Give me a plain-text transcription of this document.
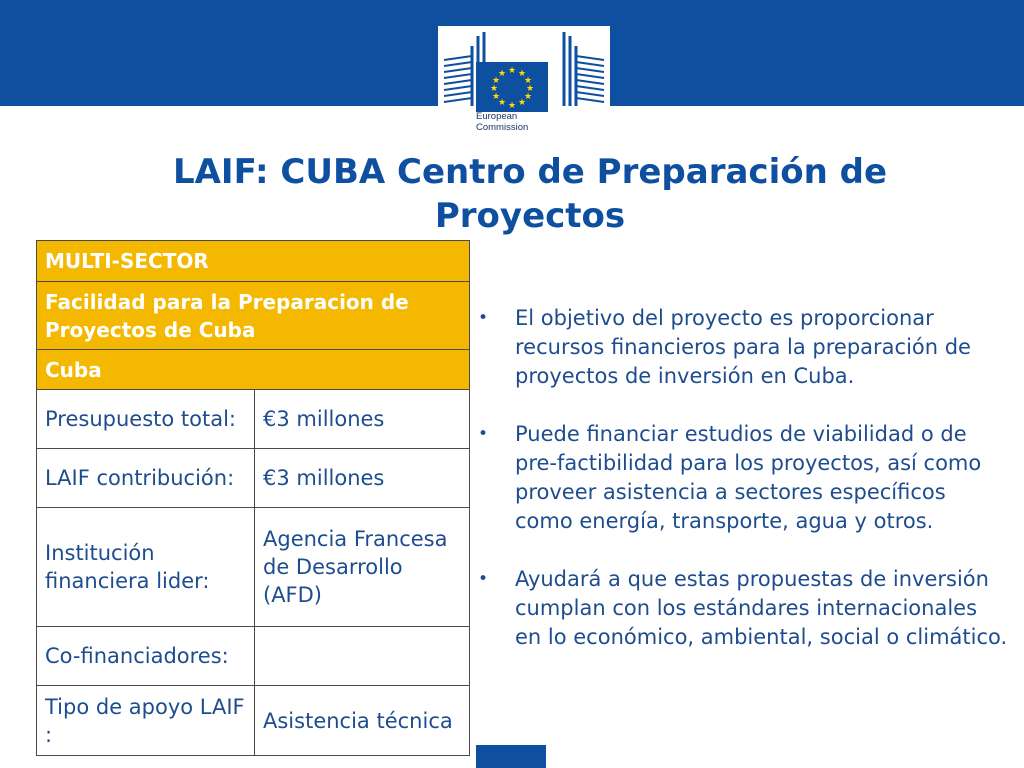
★ ★
★
★
★
★
★
★
★
★
★
★
European
Commission
LAIF: CUBA Centro de Preparación de
Proyectos
MULTI-SECTOR	
Facilidad para la Preparacion de Proyectos de Cuba	
Cuba	
Presupuesto total:	€3 millones
LAIF contribución:	€3 millones
Institución financiera lider:	Agencia Francesa de Desarrollo (AFD)
Co-financiadores:	
Tipo de apoyo LAIF :	Asistencia técnica
• El objetivo del proyecto es proporcionar recursos financieros para la preparación de proyectos de inversión en Cuba.
• Puede financiar estudios de viabilidad o de pre-factibilidad para los proyectos, así como proveer asistencia a sectores específicos como energía, transporte, agua y otros.
• Ayudará a que estas propuestas de inversión cumplan con los estándares internacionales en lo económico, ambiental, social o climático.
